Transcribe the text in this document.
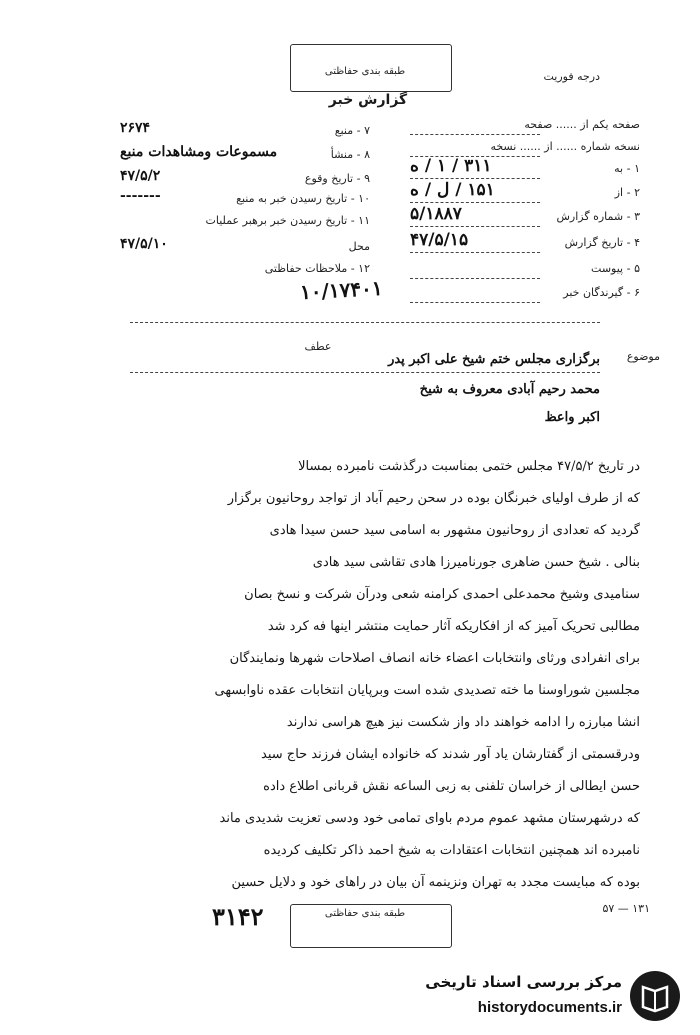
طبقه بندی حفاظتی
گزارش خبر
درجه فوریت
صفحه یکم از ...... صفحه
نسخه شماره ...... از ...... نسخه
۱ - به
۳۱۱ / ۱ / ه
۲ - از
۱۵۱ / ل / ه
۳ - شماره گزارش
۵/۱۸۸۷
۴ - تاریخ گزارش
۴۷/۵/۱۵
۵ - پیوست
۶ - گیرندگان خبر
۷ - منبع
۲۶۷۴
۸ - منشأ
مسموعات ومشاهدات منبع
۹ - تاریخ وقوع
۴۷/۵/۲
۱۰ - تاریخ رسیدن خبر به منبع
-------
۱۱ - تاریخ رسیدن خبر برهبر عملیات
محل
۴۷/۵/۱۰
۱۲ - ملاحظات حفاظتی
۱۰/۱۷۴۰۱
عطف
موضوع
برگزاری مجلس ختم شیخ علی اکبر پدر
محمد رحیم آبادی معروف به شیخ
اکبر واعظ
در تاریخ ۴۷/۵/۲ مجلس ختمی بمناسبت درگذشت نامبرده بمسالا
که از طرف اولیای خبرنگان بوده در سحن رحیم آباد از تواجد روحانیون برگزار
گردید که تعدادی از روحانیون مشهور به اسامی سید حسن سیدا هادی
بنالی . شیخ حسن ضاهری جورنامیرزا هادی تقاشی سید هادی
سنامیدی وشیخ محمدعلی احمدی کرامنه شعی ودرآن شرکت و نسخ بصان
مطالبی تحریک آمیز که از افکاریکه آثار حمایت منتشر اینها فه کرد شد
برای انفرادی ورثای وانتخابات اعضاء خانه انصاف اصلاحات شهرها ونمایندگان
مجلسین شوراوسنا ما خته تصدیدی شده است وبرپایان انتخابات عقده ناوابسهی
انشا مبارزه را ادامه خواهند داد واز شکست نیز هیچ هراسی ندارند
ودرقسمتی از گفتارشان یاد آور شدند که خانواده ایشان فرزند حاج سید
حسن ایطالی از خراسان تلفنی به زبی الساعه نقش قربانی اطلاع داده
که درشهرستان مشهد عموم مردم باوای تمامی خود ودسی تعزیت شدیدی ماند
نامبرده اند همچنین انتخابات اعتقادات به شیخ احمد ذاکر تکلیف کردیده
بوده که مبایست مجدد به تهران ونزینمه آن بیان در راهای خود و دلایل حسین
۱۳۱ — ۵۷
طبقه بندی حفاظتی
۳۱۴۲
مرکز بررسی اسناد تاریخی
historydocuments.ir
